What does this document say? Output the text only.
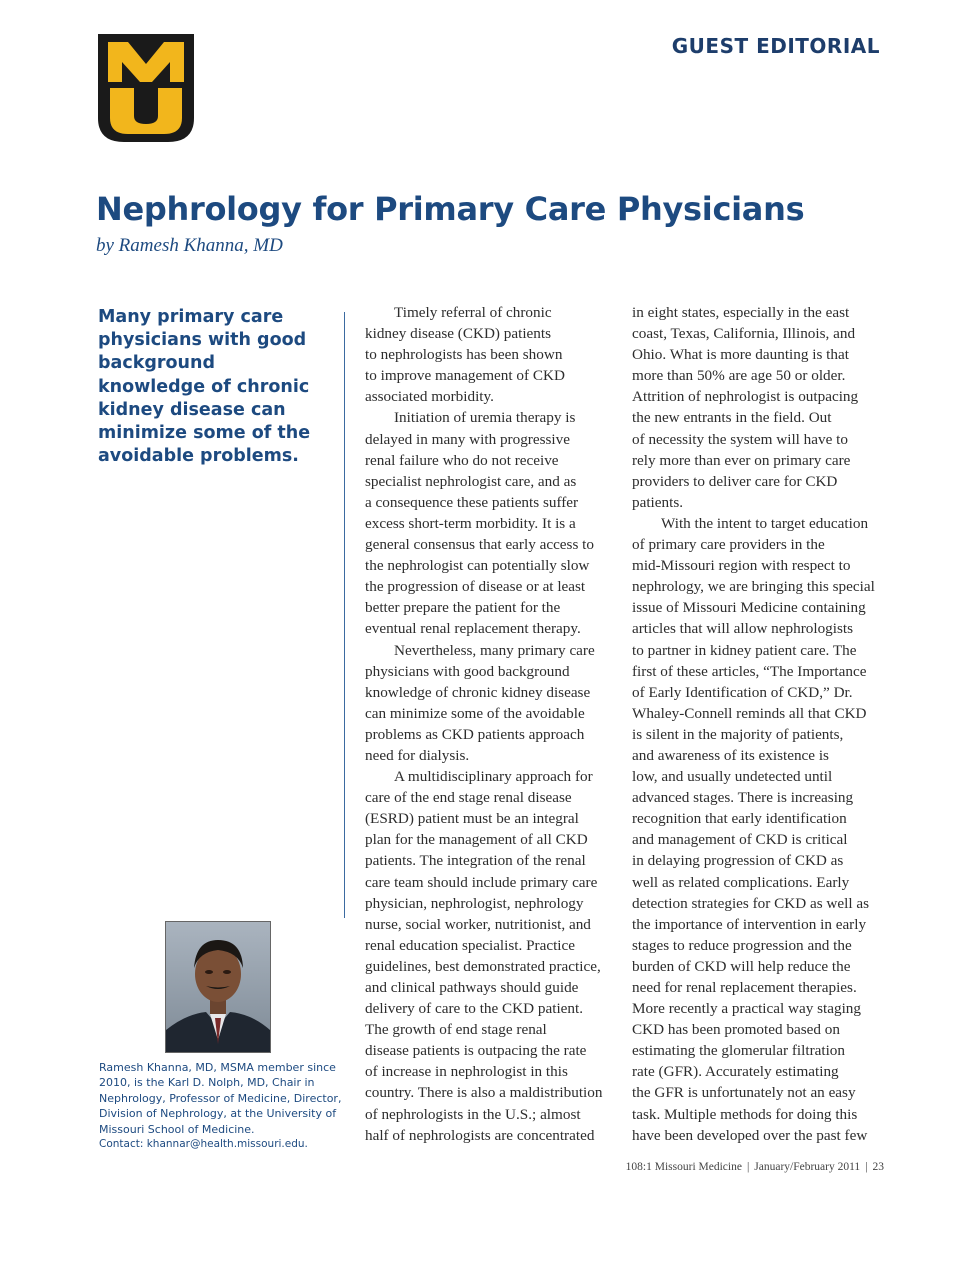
GUEST EDITORIAL
Nephrology for Primary Care Physicians
by Ramesh Khanna, MD
Many primary care physicians with good background knowledge of chronic kidney disease can minimize some of the avoidable problems.
Ramesh Khanna, MD, MSMA member since 2010, is the Karl D. Nolph, MD, Chair in Nephrology, Professor of Medicine, Director, Division of Nephrology, at the University of Missouri School of Medicine.
Contact: khannar@health.missouri.edu.
Timely referral of chronic
kidney disease (CKD) patients
to nephrologists has been shown
to improve management of CKD
associated morbidity.
Initiation of uremia therapy is
delayed in many with progressive
renal failure who do not receive
specialist nephrologist care, and as
a consequence these patients suffer
excess short-term morbidity. It is a
general consensus that early access to
the nephrologist can potentially slow
the progression of disease or at least
better prepare the patient for the
eventual renal replacement therapy.
Nevertheless, many primary care
physicians with good background
knowledge of chronic kidney disease
can minimize some of the avoidable
problems as CKD patients approach
need for dialysis.
A multidisciplinary approach for
care of the end stage renal disease
(ESRD) patient must be an integral
plan for the management of all CKD
patients. The integration of the renal
care team should include primary care
physician, nephrologist, nephrology
nurse, social worker, nutritionist, and
renal education specialist. Practice
guidelines, best demonstrated practice,
and clinical pathways should guide
delivery of care to the CKD patient.
The growth of end stage renal
disease patients is outpacing the rate
of increase in nephrologist in this
country. There is also a maldistribution
of nephrologists in the U.S.; almost
half of nephrologists are concentrated
in eight states, especially in the east
coast, Texas, California, Illinois, and
Ohio. What is more daunting is that
more than 50% are age 50 or older.
Attrition of nephrologist is outpacing
the new entrants in the field. Out
of necessity the system will have to
rely more than ever on primary care
providers to deliver care for CKD
patients.
With the intent to target education
of primary care providers in the
mid-Missouri region with respect to
nephrology, we are bringing this special
issue of Missouri Medicine containing
articles that will allow nephrologists
to partner in kidney patient care. The
first of these articles, “The Importance
of Early Identification of CKD,” Dr.
Whaley-Connell reminds all that CKD
is silent in the majority of patients,
and awareness of its existence is
low, and usually undetected until
advanced stages. There is increasing
recognition that early identification
and management of CKD is critical
in delaying progression of CKD as
well as related complications. Early
detection strategies for CKD as well as
the importance of intervention in early
stages to reduce progression and the
burden of CKD will help reduce the
need for renal replacement therapies.
More recently a practical way staging
CKD has been promoted based on
estimating the glomerular filtration
rate (GFR). Accurately estimating
the GFR is unfortunately not an easy
task. Multiple methods for doing this
have been developed over the past few
108:1 Missouri Medicine | January/February 2011 | 23
